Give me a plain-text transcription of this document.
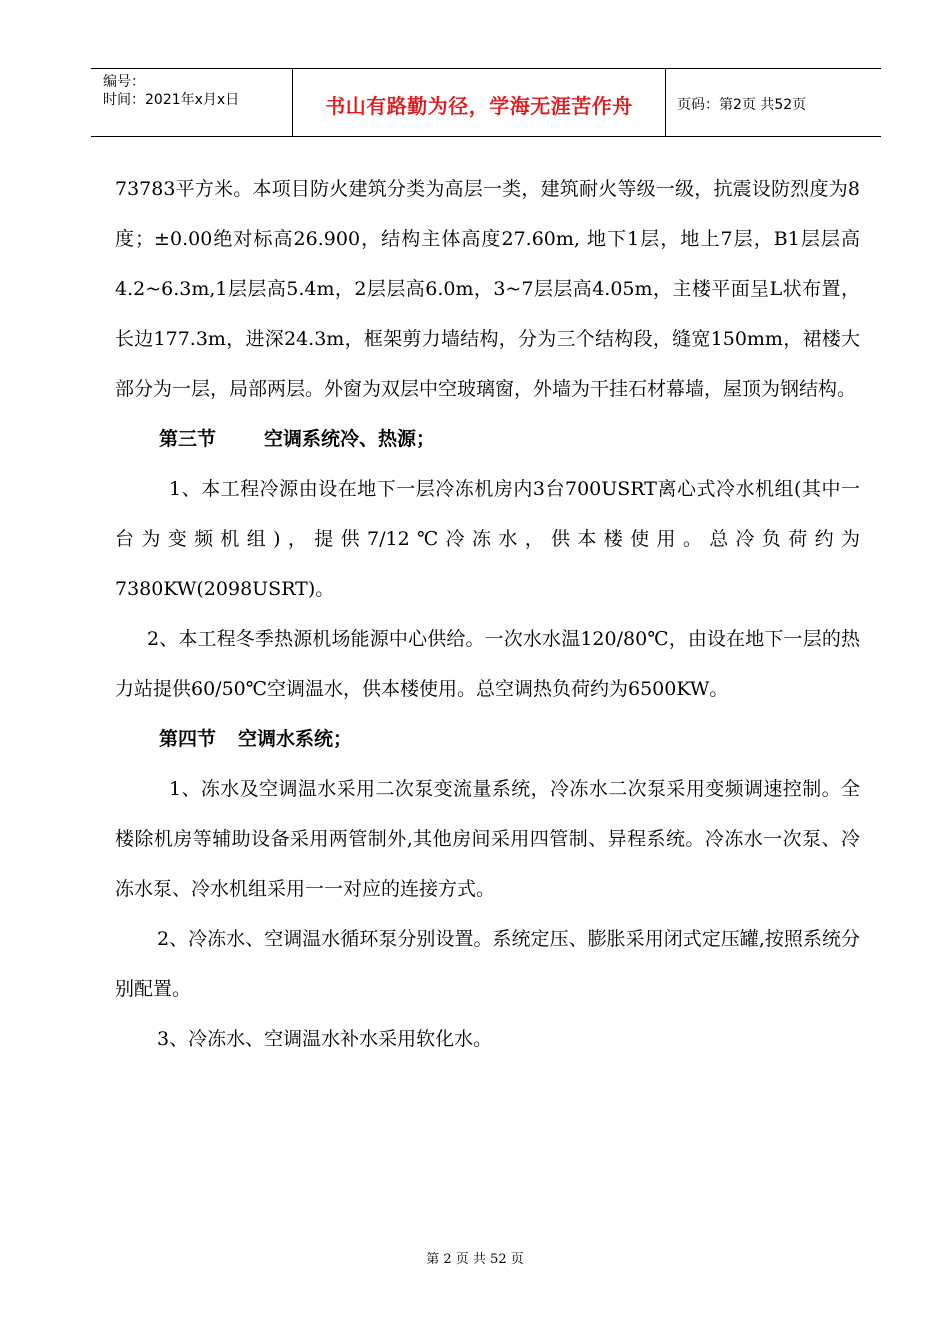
编号：
时间：2021年x月x日	书山有路勤为径，学海无涯苦作舟	页码：第2页 共52页

73783平方米。本项目防火建筑分类为高层一类，建筑耐火等级一级，抗震设防烈度为8度；±0.00绝对标高26.900，结构主体高度27.60m, 地下1层，地上7层，B1层层高4.2~6.3m,1层层高5.4m，2层层高6.0m，3~7层层高4.05m，主楼平面呈L状布置，长边177.3m，进深24.3m，框架剪力墙结构，分为三个结构段，缝宽150mm，裙楼大部分为一层，局部两层。外窗为双层中空玻璃窗，外墙为干挂石材幕墙，屋顶为钢结构。

第三节	空调系统冷、热源；

1、本工程冷源由设在地下一层冷冻机房内3台700USRT离心式冷水机组(其中一台为变频机组)，提供7/12℃冷冻水，供本楼使用。总冷负荷约为7380KW(2098USRT)。

2、本工程冬季热源机场能源中心供给。一次水水温120/80℃，由设在地下一层的热力站提供60/50℃空调温水，供本楼使用。总空调热负荷约为6500KW。

第四节 空调水系统；

1、冻水及空调温水采用二次泵变流量系统，冷冻水二次泵采用变频调速控制。全楼除机房等辅助设备采用两管制外,其他房间采用四管制、异程系统。冷冻水一次泵、冷冻水泵、冷水机组采用一一对应的连接方式。

2、冷冻水、空调温水循环泵分别设置。系统定压、膨胀采用闭式定压罐,按照系统分别配置。

3、冷冻水、空调温水补水采用软化水。

第 2 页 共 52 页
